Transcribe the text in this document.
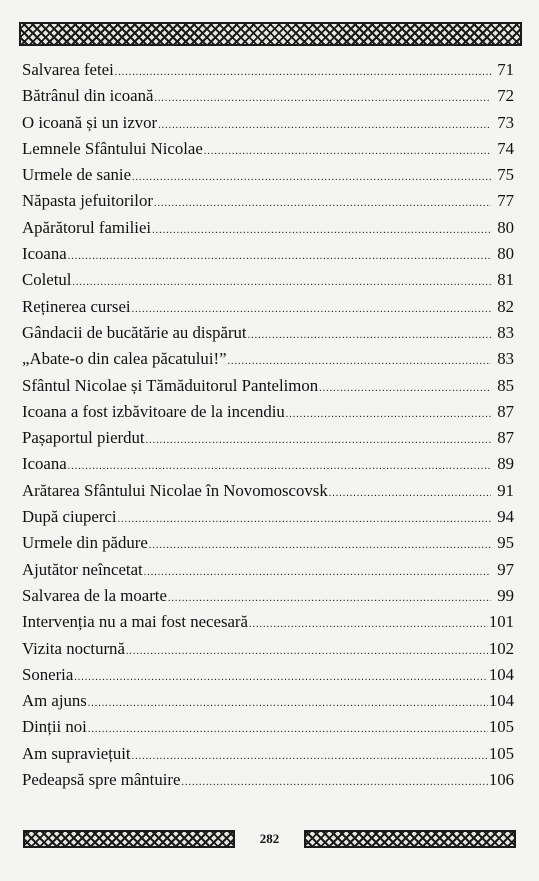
Salvarea fetei .....	71
Bătrânul din icoană .....	72
O icoană și un izvor .....	73
Lemnele Sfântului Nicolae .....	74
Urmele de sanie .....	75
Năpasta jefuitorilor .....	77
Apărătorul familiei .....	80
Icoana .....	80
Coletul .....	81
Reținerea cursei .....	82
Gândacii de bucătărie au dispărut .....	83
„Abate-o din calea păcatului!” .....	83
Sfântul Nicolae și Tămăduitorul Pantelimon .....	85
Icoana a fost izbăvitoare de la incendiu .....	87
Pașaportul pierdut .....	87
Icoana .....	89
Arătarea Sfântului Nicolae în Novomoscovsk .....	91
După ciuperci .....	94
Urmele din pădure .....	95
Ajutător neîncetat .....	97
Salvarea de la moarte .....	99
Intervenția nu a mai fost necesară .....	101
Vizita nocturnă .....	102
Soneria .....	104
Am ajuns .....	104
Dinții noi .....	105
Am supraviețuit .....	105
Pedeapsă spre mântuire .....	106
282
